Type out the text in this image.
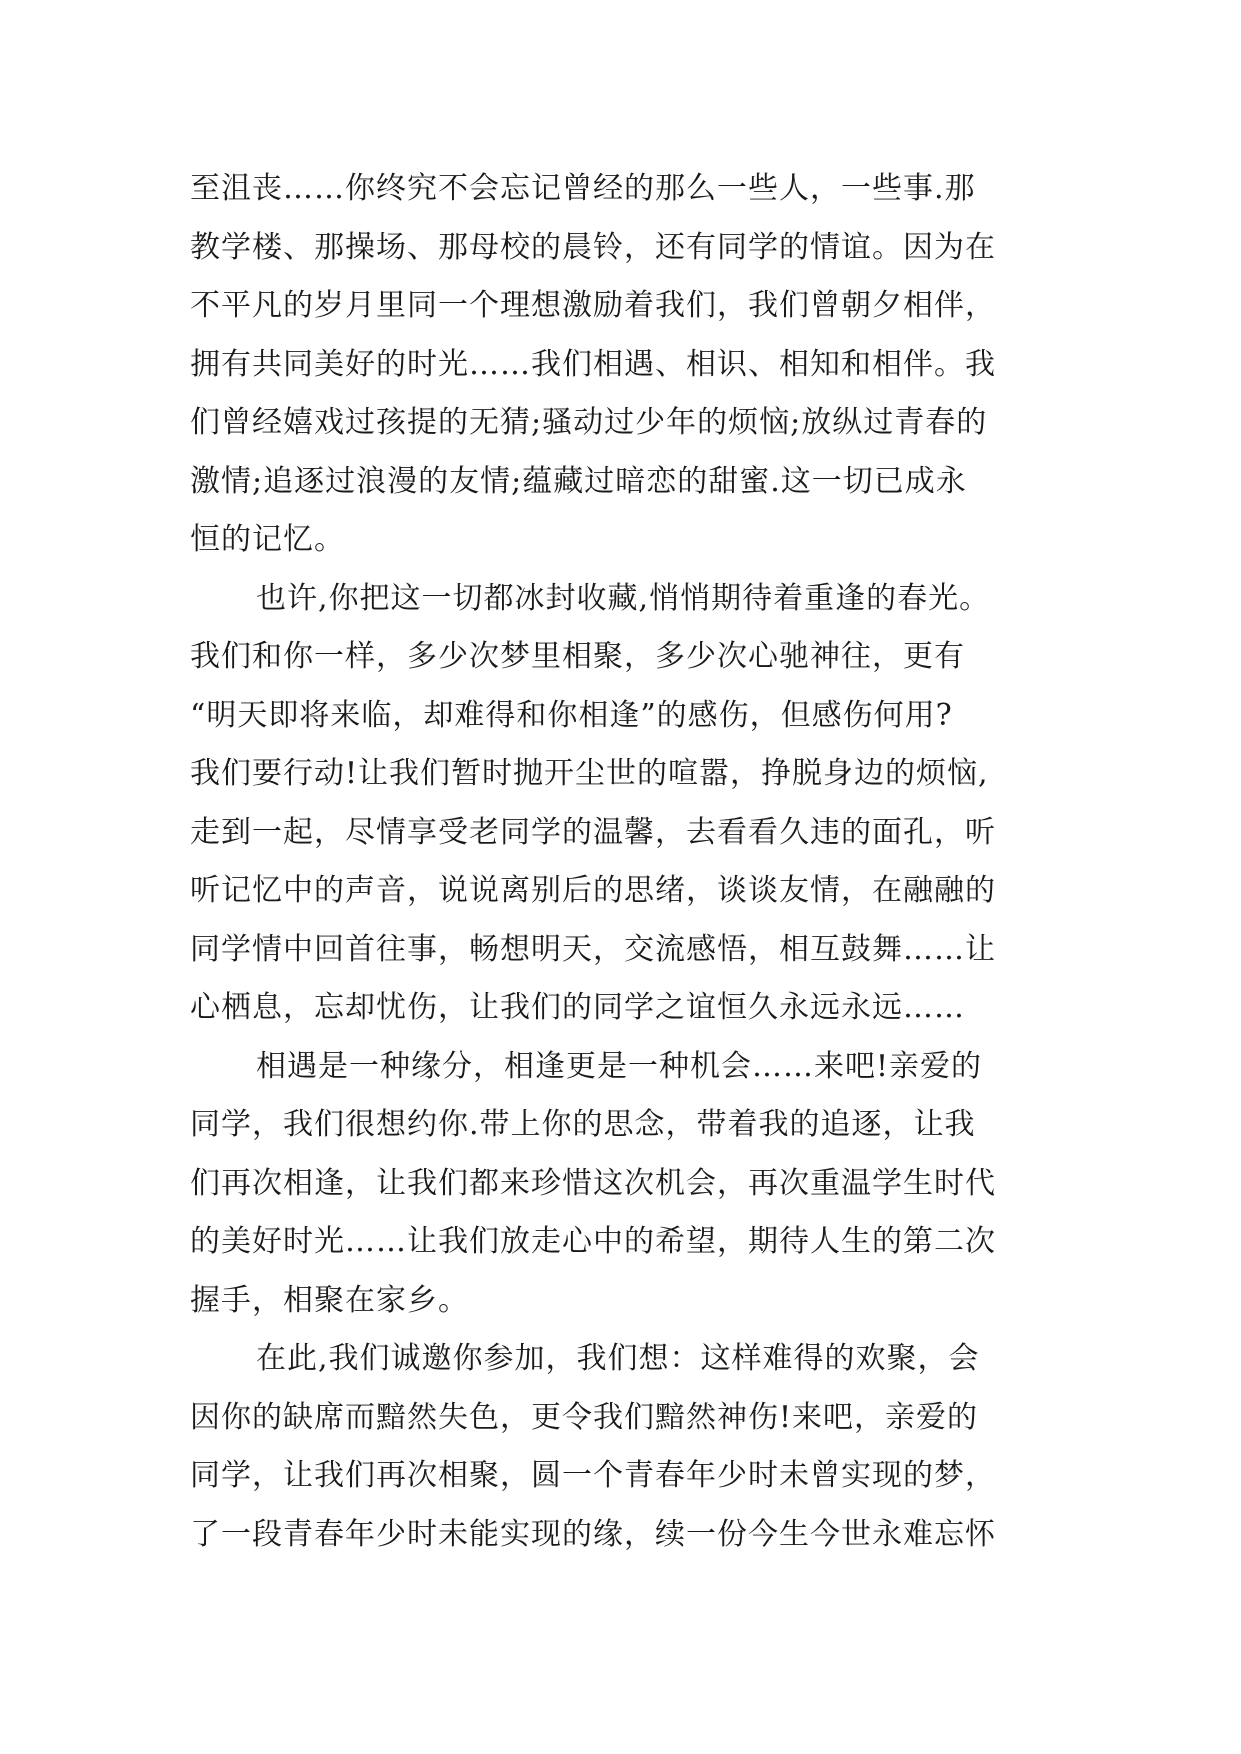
至沮丧……你终究不会忘记曾经的那么一些人，一些事.那
教学楼、那操场、那母校的晨铃，还有同学的情谊。因为在
不平凡的岁月里同一个理想激励着我们，我们曾朝夕相伴，
拥有共同美好的时光……我们相遇、相识、相知和相伴。我
们曾经嬉戏过孩提的无猜;骚动过少年的烦恼;放纵过青春的
激情;追逐过浪漫的友情;蕴藏过暗恋的甜蜜.这一切已成永
恒的记忆。
也许,你把这一切都冰封收藏,悄悄期待着重逢的春光。
我们和你一样，多少次梦里相聚，多少次心驰神往，更有
“明天即将来临，却难得和你相逢”的感伤，但感伤何用?
我们要行动!让我们暂时抛开尘世的喧嚣，挣脱身边的烦恼,
走到一起，尽情享受老同学的温馨，去看看久违的面孔，听
听记忆中的声音，说说离别后的思绪，谈谈友情，在融融的
同学情中回首往事，畅想明天，交流感悟，相互鼓舞……让
心栖息，忘却忧伤，让我们的同学之谊恒久永远永远……
相遇是一种缘分，相逢更是一种机会……来吧!亲爱的
同学，我们很想约你.带上你的思念，带着我的追逐，让我
们再次相逢，让我们都来珍惜这次机会，再次重温学生时代
的美好时光……让我们放走心中的希望，期待人生的第二次
握手，相聚在家乡。
在此,我们诚邀你参加，我们想：这样难得的欢聚，会
因你的缺席而黯然失色，更令我们黯然神伤!来吧，亲爱的
同学，让我们再次相聚，圆一个青春年少时未曾实现的梦，
了一段青春年少时未能实现的缘，续一份今生今世永难忘怀
